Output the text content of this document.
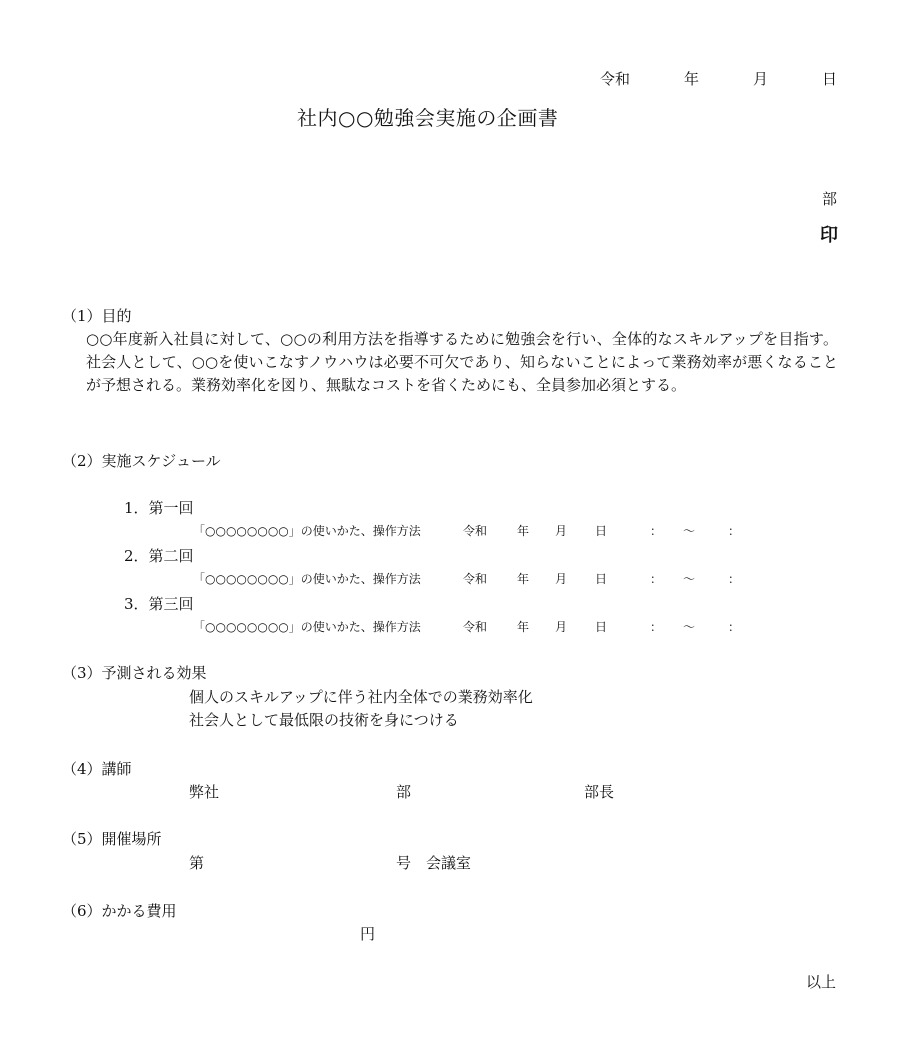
令和	年	月	日
社内○○勉強会実施の企画書
部
印
（1）目的
○○年度新入社員に対して、○○の利用方法を指導するために勉強会を行い、全体的なスキルアップを目指す。社会人として、○○を使いこなすノウハウは必要不可欠であり、知らないことによって業務効率が悪くなることが予想される。業務効率化を図り、無駄なコストを省くためにも、全員参加必須とする。
（2）実施スケジュール
1．第一回
「○○○○○○○○」の使いかた、操作方法	令和 年 月 日	： ～	：
2．第二回
「○○○○○○○○」の使いかた、操作方法	令和 年 月 日	： ～	：
3．第三回
「○○○○○○○○」の使いかた、操作方法	令和 年 月 日	： ～	：
（3）予測される効果
個人のスキルアップに伴う社内全体での業務効率化
社会人として最低限の技術を身につける
（4）講師
弊社	部	部長
（5）開催場所
第	号　会議室
（6）かかる費用
円
以上
